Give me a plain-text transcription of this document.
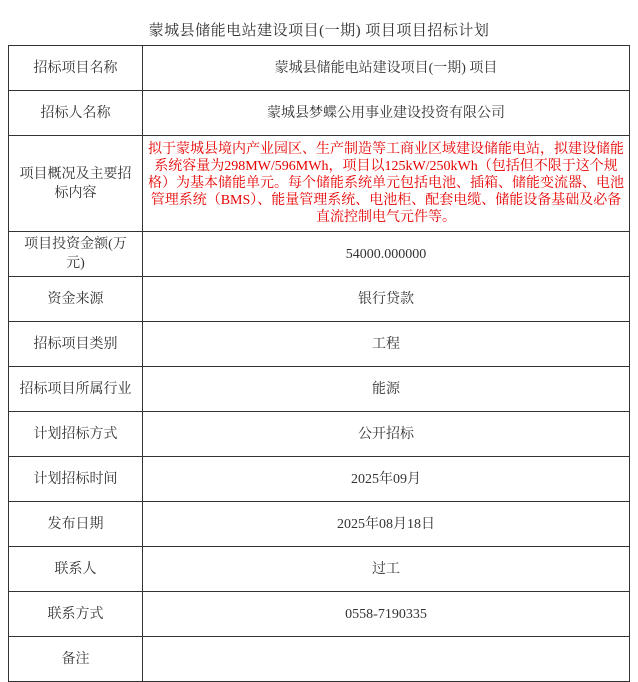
蒙城县储能电站建设项目(一期) 项目项目招标计划
招标项目名称	蒙城县储能电站建设项目(一期) 项目
招标人名称	蒙城县梦蝶公用事业建设投资有限公司
项目概况及主要招标内容	拟于蒙城县境内产业园区、生产制造等工商业区域建设储能电站，拟建设储能系统容量为298MW/596MWh，项目以125kW/250kWh（包括但不限于这个规格）为基本储能单元。每个储能系统单元包括电池、插箱、储能变流器、电池管理系统（BMS）、能量管理系统、电池柜、配套电缆、储能设备基础及必备直流控制电气元件等。
项目投资金额(万元)	54000.000000
资金来源	银行贷款
招标项目类别	工程
招标项目所属行业	能源
计划招标方式	公开招标
计划招标时间	2025年09月
发布日期	2025年08月18日
联系人	过工
联系方式	0558-7190335
备注	
